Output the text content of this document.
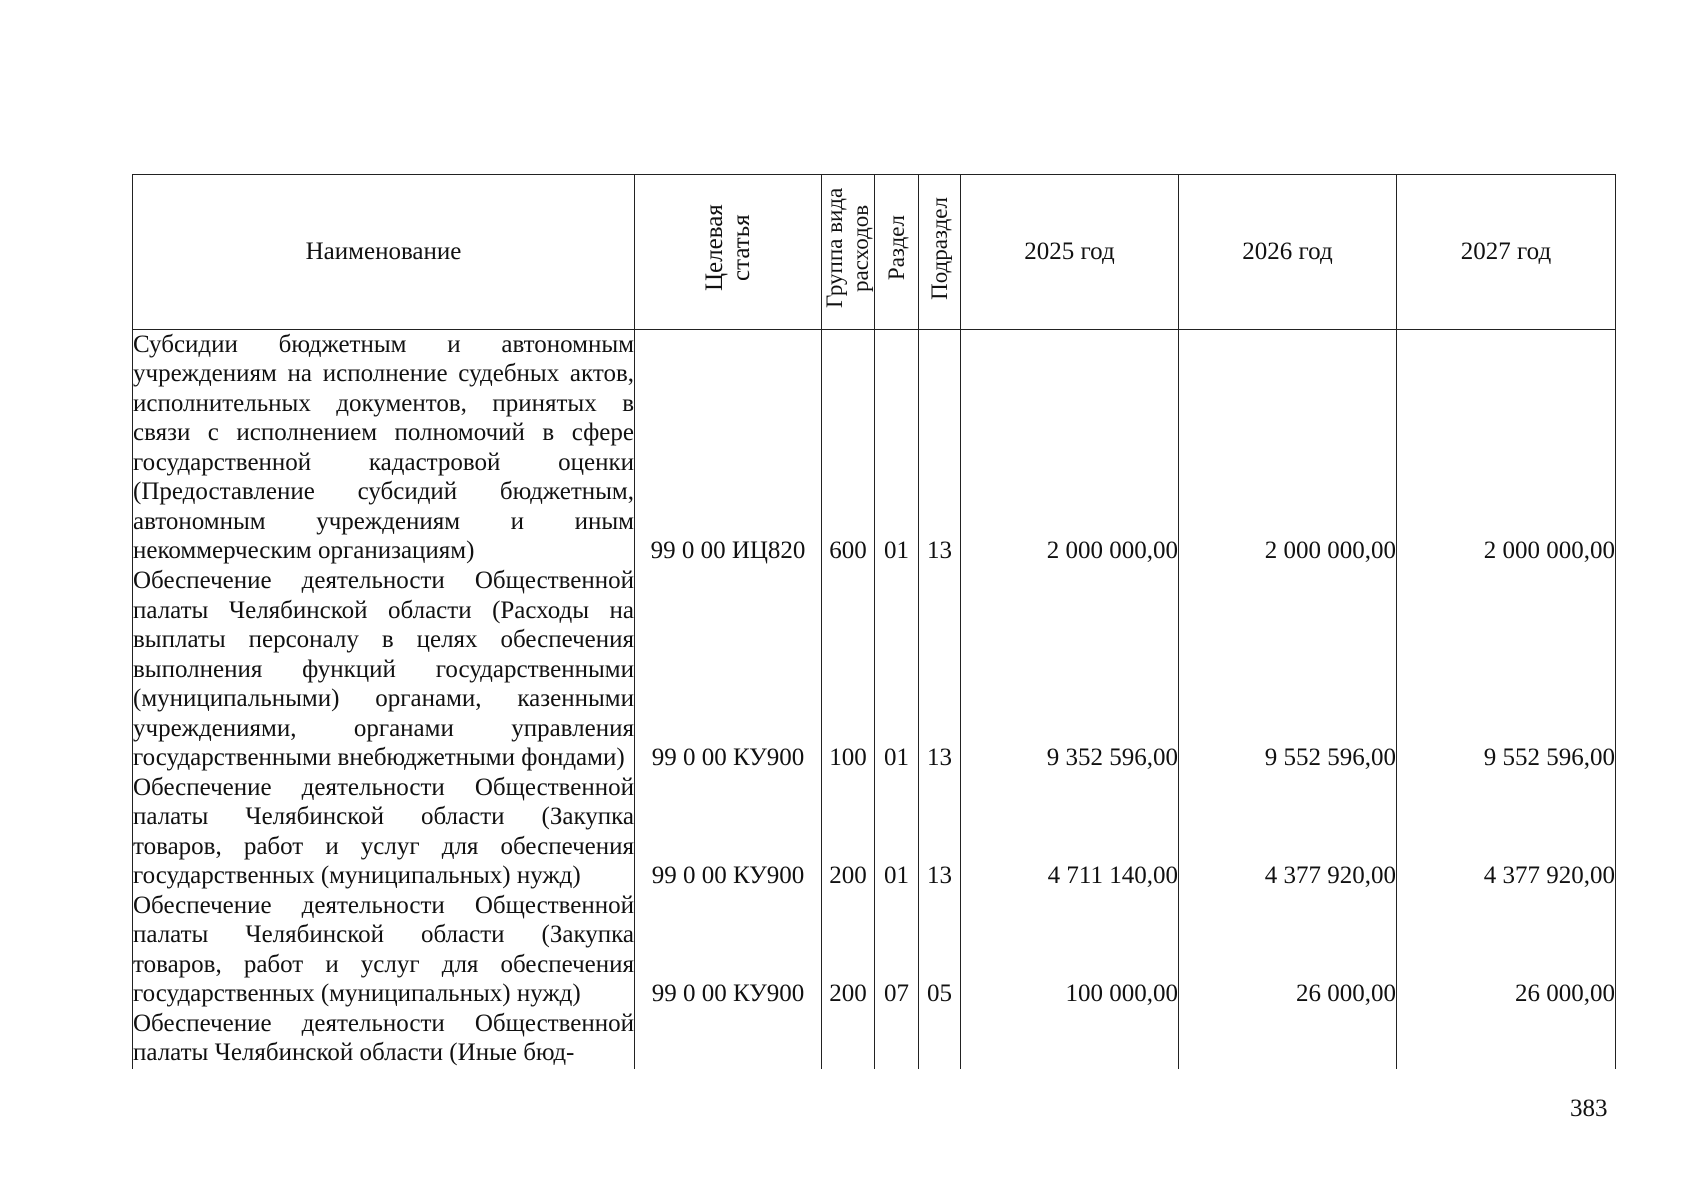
Наименование	Целевая статья	Группа вида расходов	Раздел	Подраздел	2025 год	2026 год	2027 год
Субсидии бюджетным и автономным учреждениям на исполнение судебных актов, исполнительных документов, принятых в связи с исполнением полномочий в сфере государственной кадастровой оценки (Предоставление субсидий бюджетным, автономным учреждениям и иным некоммерческим организациям)	99 0 00 ИЦ820	600	01	13	2 000 000,00	2 000 000,00	2 000 000,00
Обеспечение деятельности Общественной палаты Челябинской области (Расходы на выплаты персоналу в целях обеспечения выполнения функций государственными (муниципальными) органами, казенными учреждениями, органами управления государственными внебюджетными фондами)	99 0 00 КУ900	100	01	13	9 352 596,00	9 552 596,00	9 552 596,00
Обеспечение деятельности Общественной палаты Челябинской области (Закупка товаров, работ и услуг для обеспечения государственных (муниципальных) нужд)	99 0 00 КУ900	200	01	13	4 711 140,00	4 377 920,00	4 377 920,00
Обеспечение деятельности Общественной палаты Челябинской области (Закупка товаров, работ и услуг для обеспечения государственных (муниципальных) нужд)	99 0 00 КУ900	200	07	05	100 000,00	26 000,00	26 000,00
Обеспечение деятельности Общественной палаты Челябинской области (Иные бюд-							
383
